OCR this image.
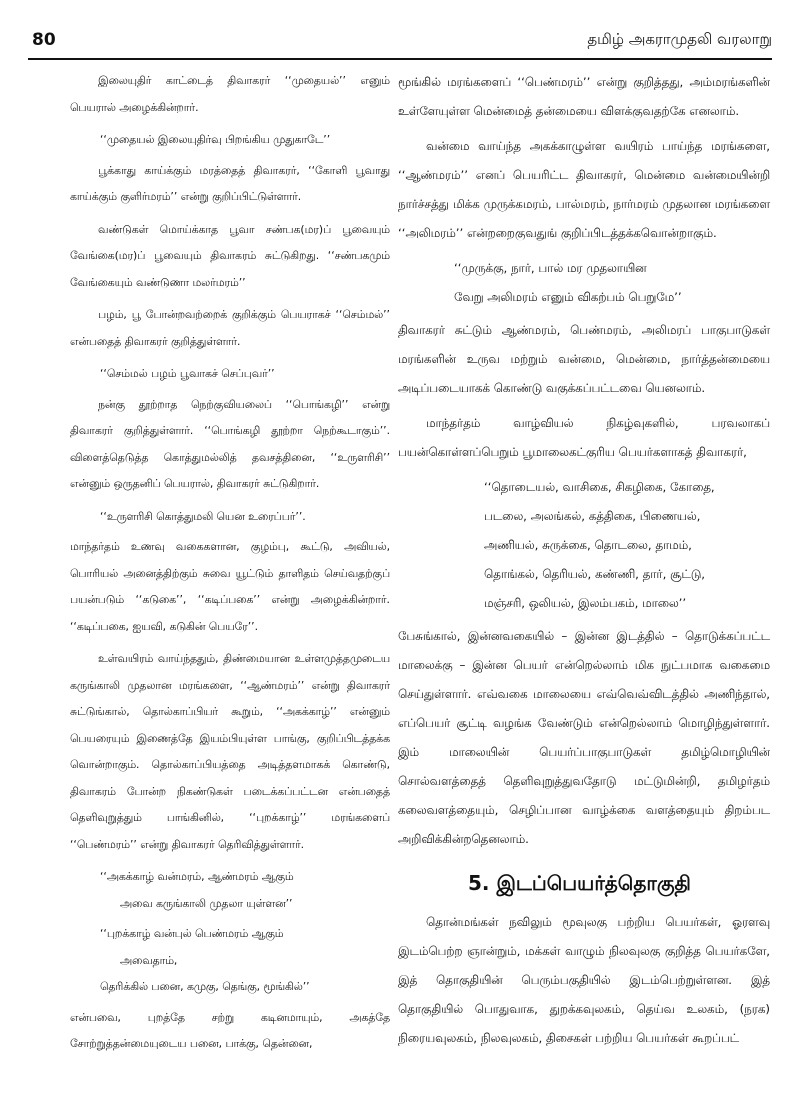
80	தமிழ் அகராமுதலி வரலாறு

இலையுதிர் காட்டைத் திவாகரர் ‘‘முதையல்’’ எனும் பெயரால் அழைக்கின்றார்.

‘‘முதையல் இலையுதிர்வு பிறங்கிய முதுகாடே’’

பூக்காது காய்க்கும் மரத்தைத் திவாகரர், ‘‘கோளி பூவாது காய்க்கும் குளிர்மரம்’’ என்று குறிப்பிட்டுள்ளார்.

வண்டுகள் மொய்க்காத பூவா சண்பக(மர)ப் பூவையும் வேங்கை(மர)ப் பூவையும் திவாகரம் சுட்டுகிறது. ‘‘சண்பகமும் வேங்கையும் வண்டுணா மலர்மரம்’’

பழம், பூ போன்றவற்றைக் குறிக்கும் பெயராகச் ‘‘செம்மல்’’ என்பதைத் திவாகரர் குறித்துள்ளார்.

‘‘செம்மல் பழம் பூவாகச் செப்புவர்’’

நன்கு தூற்றாத நெற்குவியலைப் ‘‘பொங்கழி’’ என்று திவாகரர் குறித்துள்ளார். ‘‘பொங்கழி தூற்றா நெற்கூடாகும்’’. விளைத்தெடுத்த கொத்துமல்லித் தவசத்தினை, ‘‘உருளரிசி’’ என்னும் ஒருதனிப் பெயரால், திவாகரர் சுட்டுகிறார்.

‘‘உருளரிசி கொத்துமலி யென உரைப்பர்’’.

மாந்தர்தம் உணவு வகைகளான, குழம்பு, கூட்டு, அவியல், பொரியல் அனைத்திற்கும் சுவை யூட்டும் தாளிதம் செய்வதற்குப் பயன்படும் ‘‘கடுகை’’, ‘‘கடிப்பகை’’ என்று அழைக்கின்றார். ‘‘கடிப்பகை, ஐயவி, கடுகின் பெயரே’’.

உள்வயிரம் வாய்ந்ததும், திண்மையான உள்ளமுத்தமுடைய கருங்காலி முதலான மரங்களை, ‘‘ஆண்மரம்’’ என்று திவாகரர் சுட்டுங்கால், தொல்காப்பியர் கூறும், ‘‘அகக்காழ்’’ என்னும் பெயரையும் இணைத்தே இயம்பியுள்ள பாங்கு, குறிப்பிடத்தக்க வொன்றாகும். தொல்காப்பியத்தை அடித்தளமாகக் கொண்டு, திவாகரம் போன்ற நிகண்டுகள் படைக்கப்பட்டன என்பதைத் தெளிவுறுத்தும் பாங்கினில், ‘‘புறக்காழ்’’ மரங்களைப் ‘‘பெண்மரம்’’ என்று திவாகரர் தெரிவித்துள்ளார்.

‘‘அகக்காழ் வன்மரம், ஆண்மரம் ஆகும்
அவை கருங்காலி முதலா யுள்ளன’’
‘‘புறக்காழ் வன்புல் பெண்மரம் ஆகும்
அவைதாம்,
தெரிக்கில் பனை, கமுகு, தெங்கு, மூங்கில்’’

என்பவை, புறத்தே சற்று கடினமாயும், அகத்தே சோற்றுத்தன்மையுடைய பனை, பாக்கு, தென்னை,

மூங்கில் மரங்களைப் ‘‘பெண்மரம்’’ என்று குறித்தது, அம்மரங்களின் உள்ளேயுள்ள மென்மைத் தன்மையை விளக்குவதற்கே எனலாம்.

வன்மை வாய்ந்த அகக்காழுள்ள வயிரம் பாய்ந்த மரங்களை, ‘‘ஆண்மரம்’’ எனப் பெயரிட்ட திவாகரர், மென்மை வன்மையின்றி நார்ச்சத்து மிக்க முருக்கமரம், பால்மரம், நார்மரம் முதலான மரங்களை ‘‘அலிமரம்’’ என்றறைகுவதுங் குறிப்பிடத்தக்கவொன்றாகும்.

‘‘முருக்கு, நார், பால் மர முதலாயின
வேறு அலிமரம் எனும் விகற்பம் பெறுமே’’

திவாகரர் சுட்டும் ஆண்மரம், பெண்மரம், அலிமரப் பாகுபாடுகள் மரங்களின் உருவ மற்றும் வன்மை, மென்மை, நார்த்தன்மையை அடிப்படையாகக் கொண்டு வகுக்கப்பட்டவை யெனலாம்.

மாந்தர்தம் வாழ்வியல் நிகழ்வுகளில், பரவலாகப் பயன்கொள்ளப்பெறும் பூமாலைகட்குரிய பெயர்களாகத் திவாகரர்,

‘‘தொடையல், வாசிகை, சிகழிகை, கோதை,
படலை, அலங்கல், கத்திகை, பிணையல்,
அணியல், சுருக்கை, தொடலை, தாமம்,
தொங்கல், தெரியல், கண்ணி, தார், சூட்டு,
மஞ்சரி, ஒலியல், இலம்பகம், மாலை’’

பேசுங்கால், இன்னவகையில் – இன்ன இடத்தில் – தொடுக்கப்பட்ட மாலைக்கு – இன்ன பெயர் என்றெல்லாம் மிக நுட்பமாக வகைமை செய்துள்ளார். எவ்வகை மாலையை எவ்வெவ்விடத்தில் அணிந்தால், எப்பெயர் சூட்டி வழங்க வேண்டும் என்றெல்லாம் மொழிந்துள்ளார். இம் மாலையின் பெயர்ப்பாகுபாடுகள் தமிழ்மொழியின் சொல்வளத்தைத் தெளிவுறுத்துவதோடு மட்டுமின்றி, தமிழர்தம் கலைவளத்தையும், செழிப்பான வாழ்க்கை வளத்தையும் திறம்பட அறிவிக்கின்றதெனலாம்.

5. இடப்பெயர்த்தொகுதி

தொன்மங்கள் நவிலும் மூவுலகு பற்றிய பெயர்கள், ஓரளவு இடம்பெற்ற ஞான்றும், மக்கள் வாழும் நிலவுலகு குறித்த பெயர்களே, இத் தொகுதியின் பெரும்பகுதியில் இடம்பெற்றுள்ளன. இத் தொகுதியில் பொதுவாக, துறக்கவுலகம், தெய்வ உலகம், (நரக) நிரையவுலகம், நிலவுலகம், திசைகள் பற்றிய பெயர்கள் கூறப்பட்
